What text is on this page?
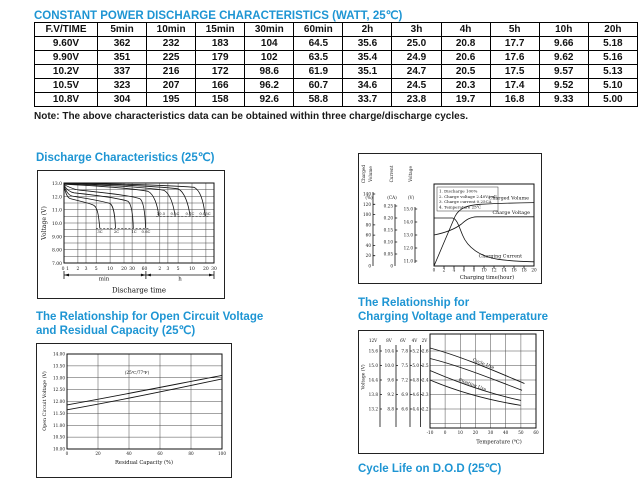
CONSTANT POWER DISCHARGE CHARACTERISTICS (WATT, 25℃)
F.V/TIME	5min	10min	15min	30min	60min	2h	3h	4h	5h	10h	20h
9.60V	362	232	183	104	64.5	35.6	25.0	20.8	17.7	9.66	5.18
9.90V	351	225	179	102	63.5	35.4	24.9	20.6	17.6	9.62	5.16
10.2V	337	216	172	98.6	61.9	35.1	24.7	20.5	17.5	9.57	5.13
10.5V	323	207	166	96.2	60.7	34.6	24.5	20.3	17.4	9.52	5.10
10.8V	304	195	158	92.6	58.8	33.7	23.8	19.7	16.8	9.33	5.00
Note: The above characteristics data can be obtained within three charge/discharge cycles.
Discharge Characteristics (25℃)
13.0
12.0
11.0
10.0
9.00
8.00
7.00
0 1 2 3 5 10 20 30 60 2 3 5 10 20 30
min	h
Discharge time
Voltage (V)	3C	2C	1C 0.6C
10.5 0.2C 0.1C 0.05C
Charged Volume	Current	Voltage
(%)	(CA)	(V)
140
120
100
80
60
40
20
0
0.25
0.20
0.15
0.10
0.05
0
15.0
14.0
13.0
12.0
11.0
1. Discharge 100%
2. Charge voltage 2.40V/cell
3. Charge current 0.25CA
4. Temperature 25℃
Charged Volume
Charge Voltage
Charging Current
0 2 4 6 8 10 12 14 16 18 20
Charging time(hour)
The Relationship for Open Circuit Voltage
and Residual Capacity (25℃)
14.00
13.50
13.00
12.50
12.00
11.50
11.00
10.50
10.00
0	20	40	60	80	100
(25℃/77℉)
Open Circuit Voltage (V)
Residual Capacity (%)
The Relationship for
Charging Voltage and Temperature
12V 8V 6V 4V 2V
15.6 10.4 7.8 5.2 2.6
15.0 10.0 7.5 5.0 2.5
14.4 9.6 7.2 4.8 2.4
13.8 9.2 6.9 4.6 2.3
13.2 8.8 6.6 4.4 2.2
Voltage (V)
-10 0	10 20 30 40 50 60
Temperature (℃)
Cycle Use
Floating Use
Cycle Life on D.O.D (25℃)
